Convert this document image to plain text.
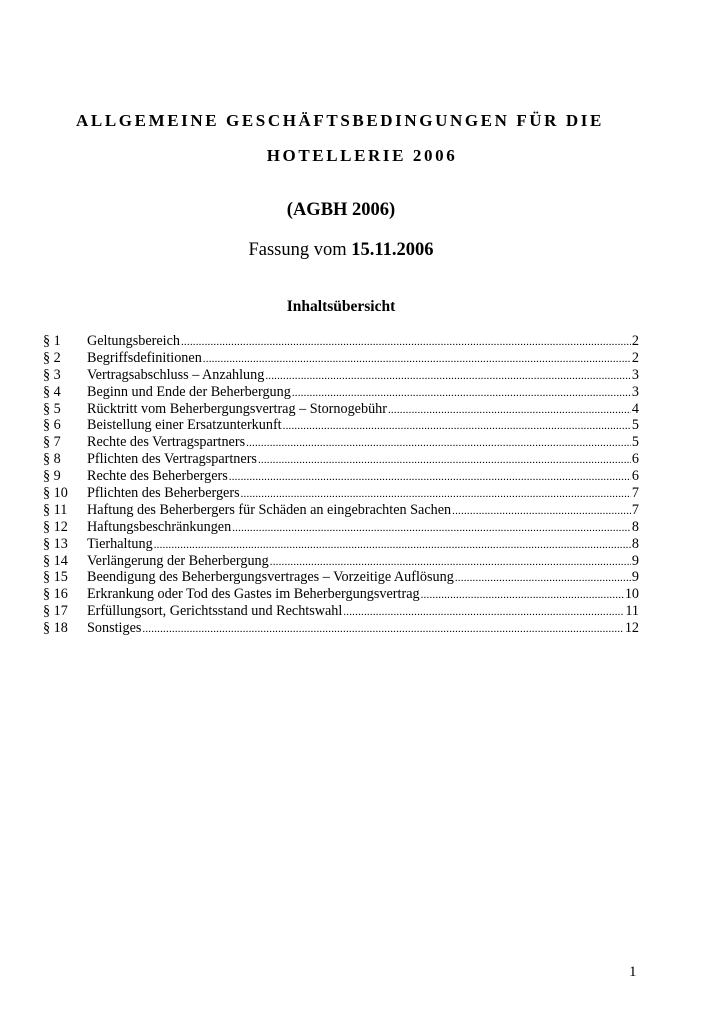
ALLGEMEINE GESCHÄFTSBEDINGUNGEN FÜR DIE
HOTELLERIE 2006
(AGBH 2006)
Fassung vom 15.11.2006
Inhaltsübersicht
§ 1	Geltungsbereich .....	2
§ 2	Begriffsdefinitionen .....	2
§ 3	Vertragsabschluss – Anzahlung .....	3
§ 4	Beginn und Ende der Beherbergung .....	3
§ 5	Rücktritt vom Beherbergungsvertrag – Stornogebühr .....	4
§ 6	Beistellung einer Ersatzunterkunft .....	5
§ 7	Rechte des Vertragspartners .....	5
§ 8	Pflichten des Vertragspartners .....	6
§ 9	Rechte des Beherbergers .....	6
§ 10	Pflichten des Beherbergers .....	7
§ 11	Haftung des Beherbergers für Schäden an eingebrachten Sachen .....	7
§ 12	Haftungsbeschränkungen .....	8
§ 13	Tierhaltung .....	8
§ 14	Verlängerung der Beherbergung .....	9
§ 15	Beendigung des Beherbergungsvertrages – Vorzeitige Auflösung .....	9
§ 16	Erkrankung oder Tod des Gastes im Beherbergungsvertrag .....	10
§ 17	Erfüllungsort, Gerichtsstand und Rechtswahl .....	11
§ 18	Sonstiges .....	12
1
